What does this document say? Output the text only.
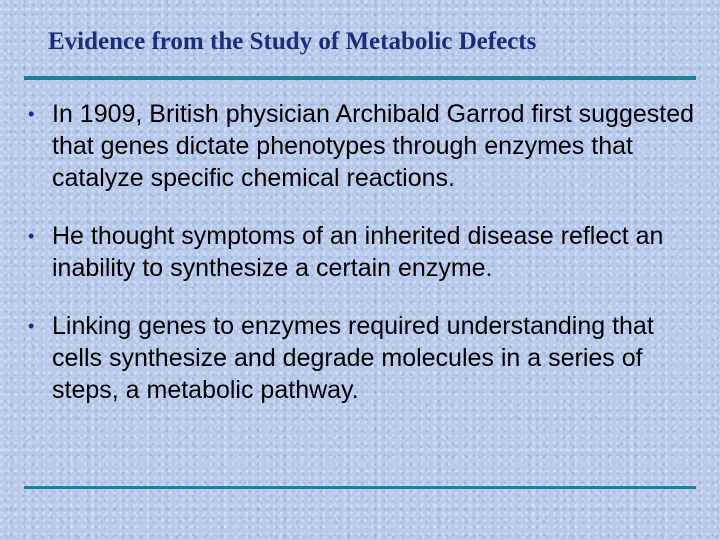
Evidence from the Study of Metabolic Defects
• In 1909, British physician Archibald Garrod first suggested that genes dictate phenotypes through enzymes that catalyze specific chemical reactions.
• He thought symptoms of an inherited disease reflect an inability to synthesize a certain enzyme.
• Linking genes to enzymes required understanding that cells synthesize and degrade molecules in a series of steps, a metabolic pathway.
